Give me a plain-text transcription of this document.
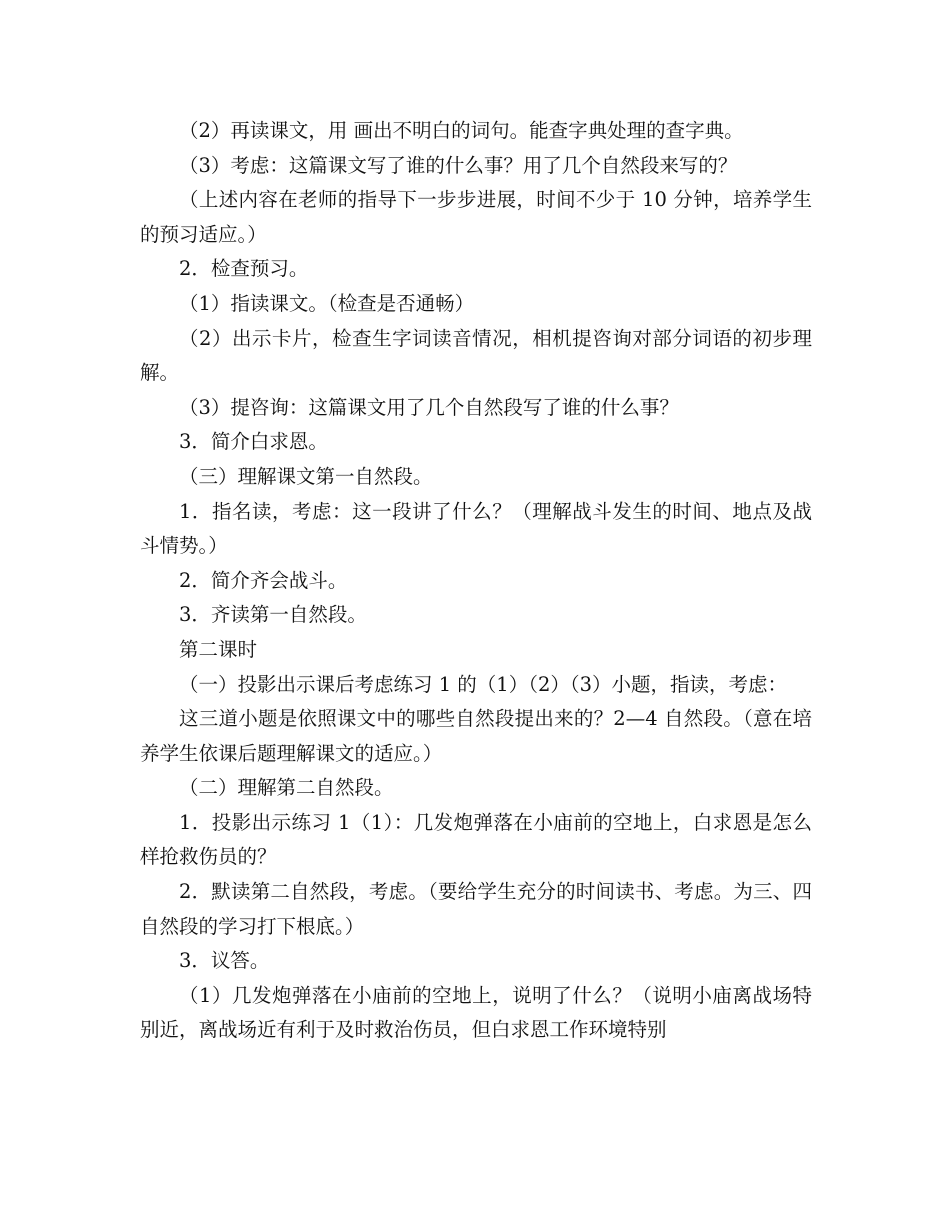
（2）再读课文，用 画出不明白的词句。能查字典处理的查字典。

（3）考虑：这篇课文写了谁的什么事？用了几个自然段来写的？

（上述内容在老师的指导下一步步进展，时间不少于 10 分钟，培养学生的预习适应。）

2．检查预习。

（1）指读课文。（检查是否通畅）

（2）出示卡片，检查生字词读音情况，相机提咨询对部分词语的初步理解。

（3）提咨询：这篇课文用了几个自然段写了谁的什么事？

3．简介白求恩。

（三）理解课文第一自然段。

1．指名读，考虑：这一段讲了什么？（理解战斗发生的时间、地点及战斗情势。）

2．简介齐会战斗。

3．齐读第一自然段。

第二课时

（一）投影出示课后考虑练习 1 的（1）（2）（3）小题，指读，考虑：

这三道小题是依照课文中的哪些自然段提出来的？2—4 自然段。（意在培养学生依课后题理解课文的适应。）

（二）理解第二自然段。

1．投影出示练习 1（1）：几发炮弹落在小庙前的空地上，白求恩是怎么样抢救伤员的？

2．默读第二自然段，考虑。（要给学生充分的时间读书、考虑。为三、四自然段的学习打下根底。）

3．议答。

（1）几发炮弹落在小庙前的空地上，说明了什么？（说明小庙离战场特别近，离战场近有利于及时救治伤员，但白求恩工作环境特别
